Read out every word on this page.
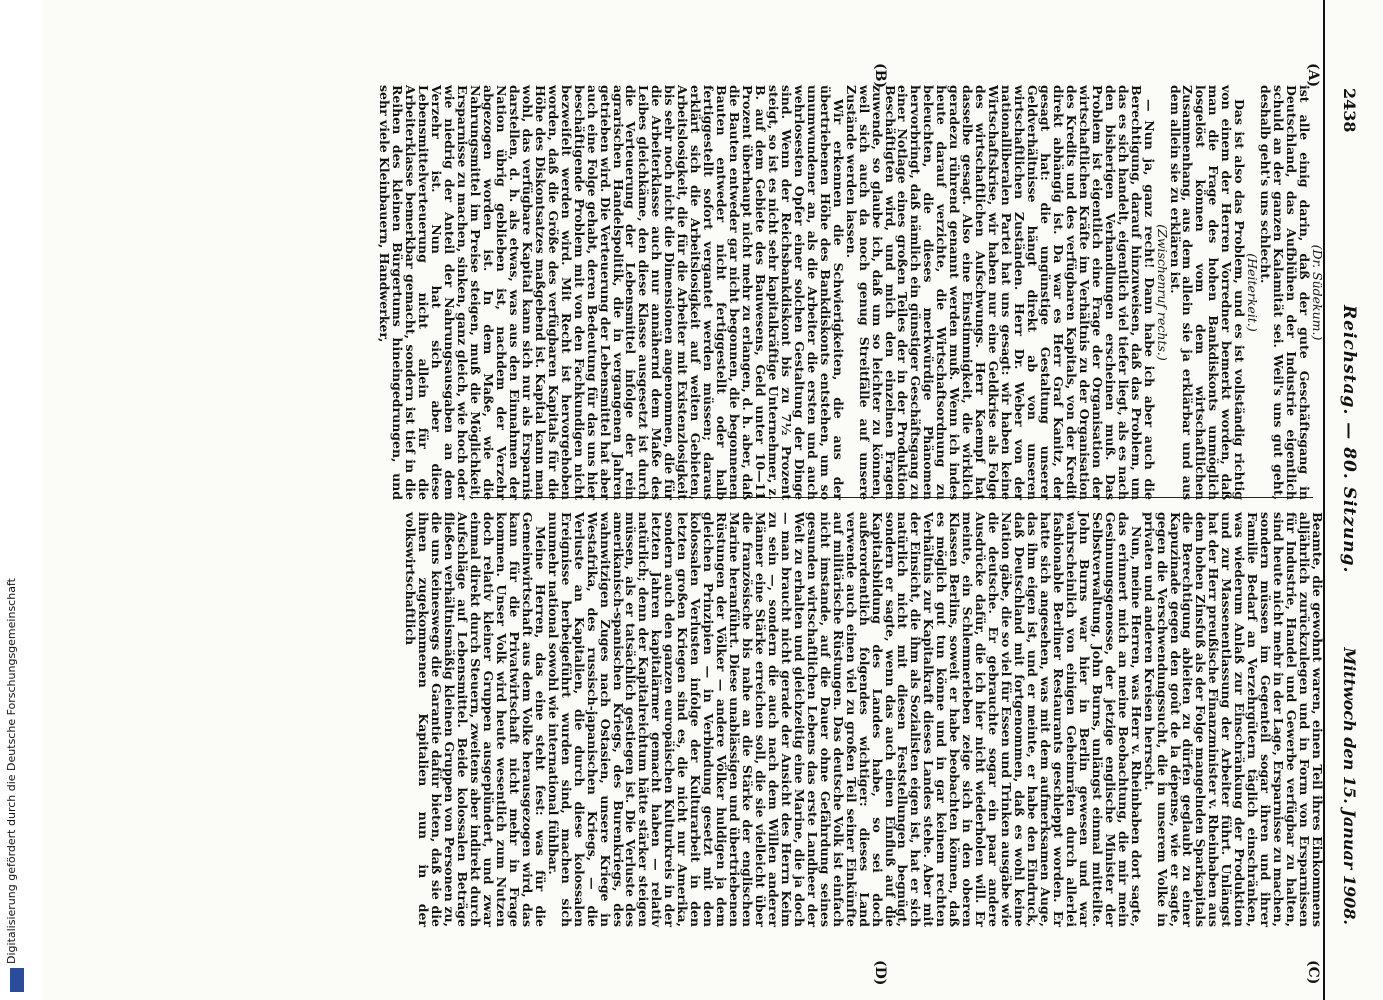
Digitalisierung gefördert durch die Deutsche Forschungsgemeinschaft
2438
Reichstag. — 80. Sitzung.
Mittwoch den 15. Januar 1908.
(A)
(B)
(C)
(D)

(Dr. Südekum.)

ist alle einig darin, daß der gute Geschäftsgang in Deutschland, das Aufblühen der Industrie eigentlich schuld an der ganzen Kalamität sei. Weil's uns gut geht, deshalb geht's uns schlecht.

(Heiterkeit.)

Das ist also das Problem, und es ist vollständig richtig von einem der Herren Vorredner bemerkt worden, daß man die Frage des hohen Bankdiskonts unmöglich losgelöst können vom dem wirtschaftlichen Zusammenhang, aus dem allein sie ja erklärbar und aus dem allein sie zu erklären ist.

(Zwischenruf rechts.)

— Nun ja, ganz recht! Dann habe ich aber auch die Berechtigung, darauf hinzuweisen, daß das Problem, um das es sich handelt, eigentlich viel tiefer liegt, als es nach den bisherigen Verhandlungen erscheinen muß. Das Problem ist eigentlich eine Frage der Organisation der wirtschaftlichen Kräfte im Verhältnis zu der Organisation des Kredits und des verfügbaren Kapitals, von der Kredit direkt abhängig ist. Da war es Herr Graf Kanitz, der gesagt hat: die ungünstige Gestaltung unserer Geldverhältnisse hängt direkt ab von unseren wirtschaftlichen Zuständen. Herr Dr. Weber von der nationalliberalen Partei hat uns gesagt: wir haben keine Wirtschaftskrise, wir haben nur eine Geldkrise als Folge des wirtschaftlichen Aufschwungs. Herr Kaempf hat dasselbe gesagt. Also eine Einstimmigkeit, die wirklich geradezu rührend genannt werden muß. Wenn ich indes heute darauf verzichte, die Wirtschaftsordnung zu beleuchten, die dieses merkwürdige Phänomen hervorbringt, daß nämlich ein günstiger Geschäftsgang zu einer Notlage eines großen Teiles der in der Produktion Beschäftigten wird, und mich den einzelnen Fragen zuwende, so glaube ich, daß um so leichter zu können, weil sich auch da noch genug Streitfälle auf unsere Zustände werden lassen.

Wir erkennen die Schwierigkeiten, die aus der übertriebenen Höhe des Bankdiskonts entstehen, um so unumwundener an, als die Arbeiter die ersten und auch wehrlosesten Opfer einer solchen Gestaltung der Dinge sind. Wenn der Reichsbankdiskont bis zu 7½ Prozent steigt, so ist es nicht sehr kapitalkräftige Unternehmer, z. B. auf dem Gebiete des Bauwesens, Geld unter 10—11 Prozent überhaupt nicht mehr zu erlangen, d. h. aber, daß die Bauten entweder gar nicht begonnen, die begonnenen Bauten entweder nicht fertiggestellt oder halb fertiggestellt sofort vergantet werden müssen; daraus erklärt sich die Arbeitslosigkeit auf weiten Gebieten, Arbeitslosigkeit, die für die Arbeiter mit Existenzlosigkeit bis sehr noch nicht die Dimensionen angenommen, die für die Arbeiterklasse auch nur annähernd dem Maße des Leibes gleichkäme, den diese Klasse ausgesetzt ist durch die Verteuerung der Lebensmittel infolge der rein agrarischen Handelspolitik, die in vergangenen Jahren getrieben wird. Die Verteuerung der Lebensmittel hat aber auch eine Folge gehabt, deren Bedeutung für das uns hier beschäftigende Problem mit von den Fachkundigen nicht bezweifelt werden wird. Mit Recht ist hervorgehoben worden, daß die Größe des verfügbaren Kapitals für die Höhe des Diskontsatzes maßgebend ist. Kapital kann man wohl, das verfügbare Kapital kann sich nur als Ersparnis darstellen, d. h. als etwas, was aus den Einnahmen der Nation übrig geblieben ist, nachdem der Verzehr abgezogen worden ist. In dem Maße, wie die Nahrungsmittel im Preise steigen, muß die Möglichkeit, Ersparnisse zu machen, sinken, ganz gleich, wie hoch oder wie niedrig der Anteil der Nahrungsausgaben an dem Verzehr ist. Nun hat sich aber diese Lebensmittelverteuerung nicht allein für die Arbeiterklasse bemerkbar gemacht, sondern ist tief in die Reihen des kleinen Bürgertums hineingedrungen, und sehr viele Kleinbauern, Handwerker,

Beamte, die gewohnt waren, einen Teil ihres Einkommens alljährlich zurückzulegen und in Form von Ersparnissen für Industrie, Handel und Gewerbe verfügbar zu halten, sind heute nicht mehr in der Lage, Ersparnisse zu machen, sondern müssen im Gegenteil sogar ihren und ihrer Familie Bedarf an Verzehrgütern täglich einschränken, was wiederum Anlaß zur Einschränkung der Produktion und zur Massenentlassung der Arbeiter führt. Unlängst hat der Herr preußische Finanzminister v. Rheinbaben aus dem hohen Zinsfuß als der Folge mangelnden Sparkapitals die Berechtigung ableiten zu dürfen geglaubt zu einer Kapuzinade gegen den goût de la dépense, wie er sagte, gegen die Verschwendungssucht, die in unserem Volke in privaten und anderen Kreisen herrscht.

Nun, meine Herren, was Herr v. Rheinbaben dort sagte, das erinnert mich an meine Beobachtung, die mir mein Gesinnungsgenosse, der jetzige englische Minister der Selbstverwaltung, John Burns, unlängst einmal mitteilte. John Burns war hier in Berlin gewesen und war wahrscheinlich von einigen Geheimräten durch allerlei fashionable Berliner Restaurants geschleppt worden. Er hatte sich angesehen, was mit dem aufmerksamen Auge, das ihm eigen ist, und er meinte, er habe den Eindruck, daß Deutschland mit fortgenommen, daß es wohl keine Nation gäbe, die so viel für Essen und Trinken ausgäbe wie die deutsche. Er gebrauchte sogar ein paar andere Ausdrücke dafür, die ich hier nicht wiederholen will. Er meinte, ein Schlemmerleben zeige sich in den oberen Klassen Berlins, soweit er habe beobachten können, daß es möglich gut tun könne und in gar keinem rechten Verhältnis zur Kapitalkraft dieses Landes stehe. Aber mit der Einsicht, die ihm als Sozialisten eigen ist, hat er sich natürlich nicht mit diesen Feststellungen begnügt, sondern er sagte, wenn das auch einen Einfluß auf die Kapitalsbildung des Landes habe, so sei doch außerordentlich folgendes wichtiger: dieses Land verwende auch einen viel zu großen Teil seiner Einkünfte auf militärische Rüstungen. Das deutsche Volk ist einfach nicht imstande, auf die Dauer ohne Gefährdung seines gesunden wirtschaftlichen Lebens das erste Landheer der Welt zu erhalten und gleichzeitig eine Marine, die ja doch — man braucht nicht gerade der Ansicht des Herrn Keim zu sein —, sondern die auch nach dem Willen anderer Männer eine Stärke erreichen soll, die sie vielleicht über die französische bis nahe an die Stärke der englischen Marine heranführt. Diese unablässigen und übertriebenen Rüstungen der Völker — andere Völker huldigen ja dem gleichen Prinzipien — in Verbindung gesetzt mit den kolossalen Verlusten infolge der Kulturarbeit in den letzten großen Kriegen sind es, die nicht nur Amerika, sondern auch den ganzen europäischen Kulturkreis in der letzten Jahren kapitalärmer gemacht haben — relativ natürlich; denn der Kapitalreichtum hätte stärker steigen müssen, als er tatsächlich gestiegen ist. Die Verluste des amerikanisch-spanischen Kriegs, des Burenkriegs, des wahnwitzigen Zuges nach Ostasien, unsere Kriege in Westafrika, des russisch-japanischen Kriegs, — die Verluste an Kapitalien, die durch diese kolossalen Ereignisse herbeigeführt wurden sind, machen sich nunmehr national sowohl wie international fühlbar.

Meine Herren, das eine steht fest: was für die Gemeinwirtschaft aus dem Volke herausgezogen wird, das kann für die Privatwirtschaft nicht mehr in Frage kommen. Unser Volk wird heute wesentlich zum Nutzen doch relativ kleiner Gruppen ausgeplündert, und zwar einmal direkt durch Steuern, zweitens aber indirekt durch Aufschläge auf Lebensmittel. Beide kolossalen Beträge fließen verhältnismäßig kleinen Gruppen von Personen zu, die uns keineswegs die Garantie dafür bieten, daß sie die ihnen zugekommenen Kapitalien nun in der volkswirtschaftlich
